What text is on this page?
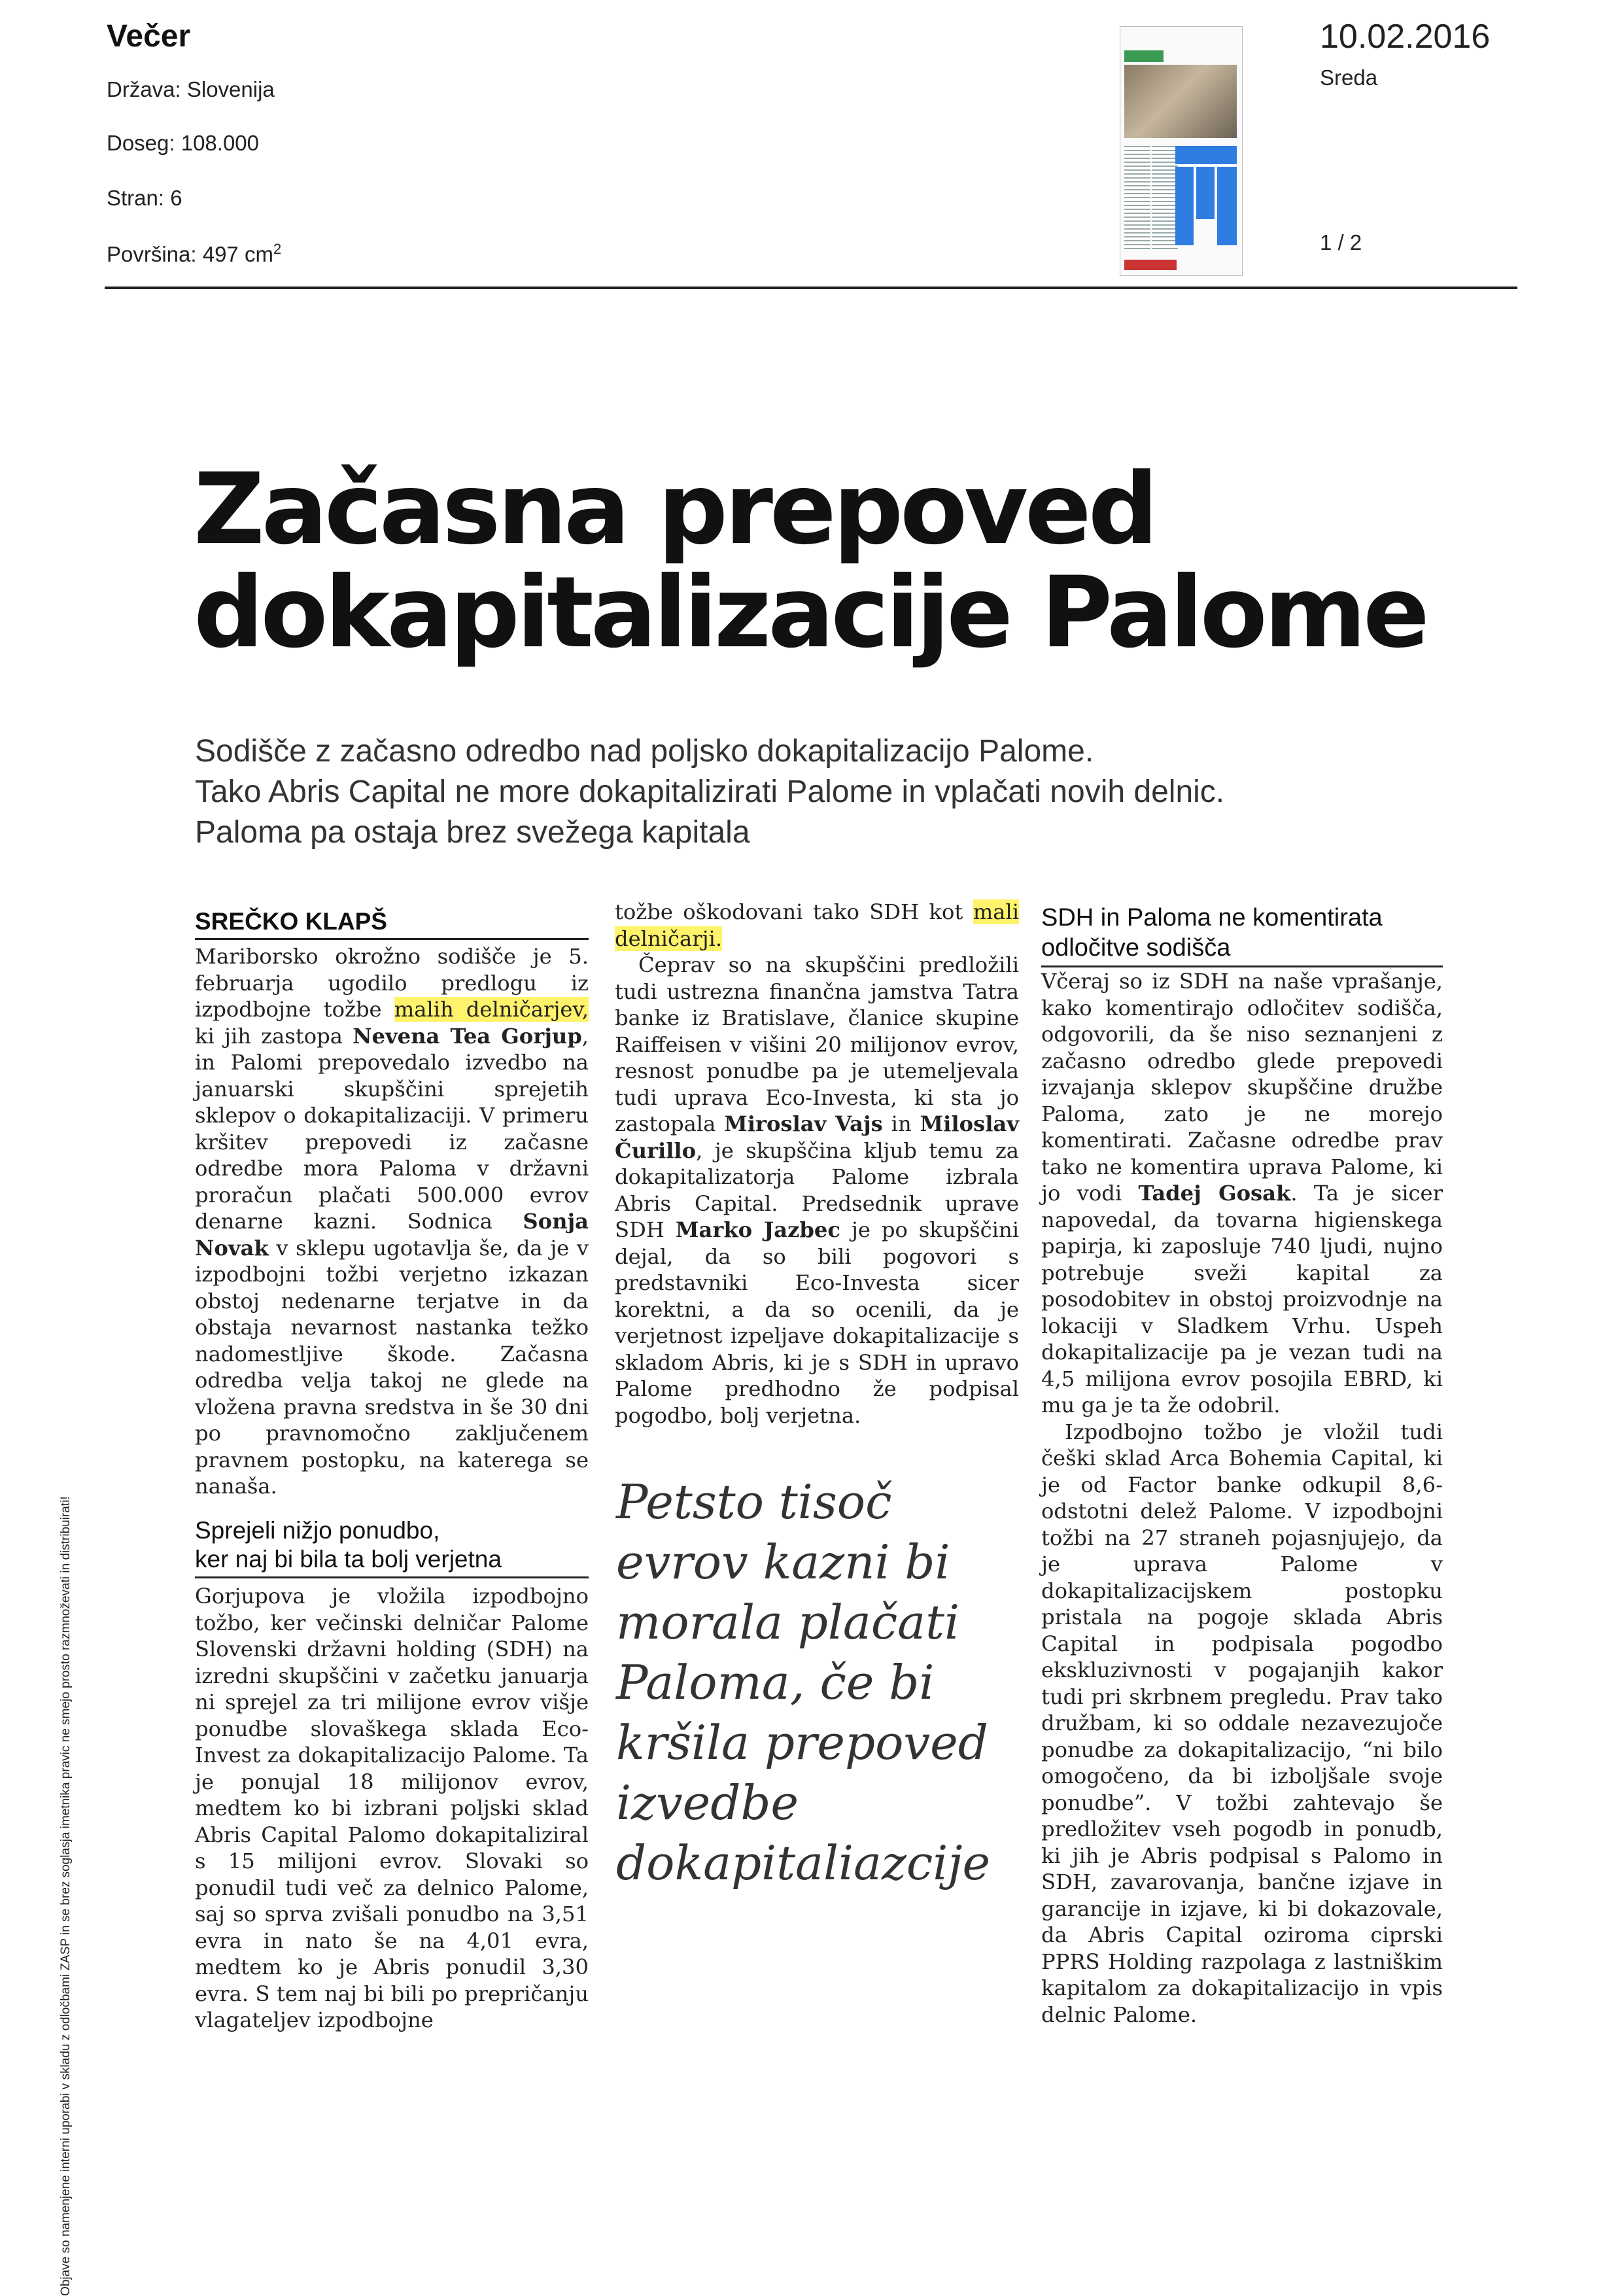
Večer
Država: Slovenija
Doseg: 108.000
Stran: 6
Površina: 497 $cm^2$
10.02.2016
Sreda
1 / 2
Začasna prepoved
dokapitalizacije Palome
Sodišče z začasno odredbo nad poljsko dokapitalizacijo Palome.
Tako Abris Capital ne more dokapitalizirati Palome in vplačati novih delnic.
Paloma pa ostaja brez svežega kapitala
SREČKO KLAPŠ

Mariborsko okrožno sodišče je 5. februarja ugodilo predlogu iz izpodbojne tožbe malih delničarjev, ki jih zastopa Nevena Tea Gorjup, in Palomi prepovedalo izvedbo na januarski skupščini sprejetih sklepov o dokapitalizaciji. V primeru kršitev prepovedi iz začasne odredbe mora Paloma v državni proračun plačati 500.000 evrov denarne kazni. Sodnica Sonja Novak v sklepu ugotavlja še, da je v izpodbojni tožbi verjetno izkazan obstoj nedenarne terjatve in da obstaja nevarnost nastanka težko nadomestljive škode. Začasna odredba velja takoj ne glede na vložena pravna sredstva in še 30 dni po pravnomočno zaključenem pravnem postopku, na katerega se nanaša.

Sprejeli nižjo ponudbo,
ker naj bi bila ta bolj verjetna

Gorjupova je vložila izpodbojno tožbo, ker večinski delničar Palome Slovenski državni holding (SDH) na izredni skupščini v začetku januarja ni sprejel za tri milijone evrov višje ponudbe slovaškega sklada Eco-Invest za dokapitalizacijo Palome. Ta je ponujal 18 milijonov evrov, medtem ko bi izbrani poljski sklad Abris Capital Palomo dokapitaliziral s 15 milijoni evrov. Slovaki so ponudil tudi več za delnico Palome, saj so sprva zvišali ponudbo na 3,51 evra in nato še na 4,01 evra, medtem ko je Abris ponudil 3,30 evra. S tem naj bi bili po prepričanju vlagateljev izpodbojne

tožbe oškodovani tako SDH kot mali delničarji.

Čeprav so na skupščini predložili tudi ustrezna finančna jamstva Tatra banke iz Bratislave, članice skupine Raiffeisen v višini 20 milijonov evrov, resnost ponudbe pa je utemeljevala tudi uprava Eco-Investa, ki sta jo zastopala Miroslav Vajs in Miloslav Čurillo, je skupščina kljub temu za dokapitalizatorja Palome izbrala Abris Capital. Predsednik uprave SDH Marko Jazbec je po skupščini dejal, da so bili pogovori s predstavniki Eco-Investa sicer korektni, a da so ocenili, da je verjetnost izpeljave dokapitalizacije s skladom Abris, ki je s SDH in upravo Palome predhodno že podpisal pogodbo, bolj verjetna.

Petsto tisoč evrov kazni bi morala plačati Paloma, če bi kršila prepoved izvedbe dokapitaliazcije
SDH in Paloma ne komentirata
odločitve sodišča

Včeraj so iz SDH na naše vprašanje, kako komentirajo odločitev sodišča, odgovorili, da še niso seznanjeni z začasno odredbo glede prepovedi izvajanja sklepov skupščine družbe Paloma, zato je ne morejo komentirati. Začasne odredbe prav tako ne komentira uprava Palome, ki jo vodi Tadej Gosak. Ta je sicer napovedal, da tovarna higienskega papirja, ki zaposluje 740 ljudi, nujno potrebuje sveži kapital za posodobitev in obstoj proizvodnje na lokaciji v Sladkem Vrhu. Uspeh dokapitalizacije pa je vezan tudi na 4,5 milijona evrov posojila EBRD, ki mu ga je ta že odobril.

Izpodbojno tožbo je vložil tudi češki sklad Arca Bohemia Capital, ki je od Factor banke odkupil 8,6-odstotni delež Palome. V izpodbojni tožbi na 27 straneh pojasnjujejo, da je uprava Palome v dokapitalizacijskem postopku pristala na pogoje sklada Abris Capital in podpisala pogodbo ekskluzivnosti v pogajanjih kakor tudi pri skrbnem pregledu. Prav tako družbam, ki so oddale nezavezujoče ponudbe za dokapitalizacijo, “ni bilo omogočeno, da bi izboljšale svoje ponudbe”. V tožbi zahtevajo še predložitev vseh pogodb in ponudb, ki jih je Abris podpisal s Palomo in SDH, zavarovanja, bančne izjave in garancije in izjave, ki bi dokazovale, da Abris Capital oziroma ciprski PPRS Holding razpolaga z lastniškim kapitalom za dokapitalizacijo in vpis delnic Palome.

Objave so namenjene interni uporabi v skladu z odločbami ZASP in se brez soglasja imetnika pravic ne smejo prosto razmnoževati in distribuirati!
